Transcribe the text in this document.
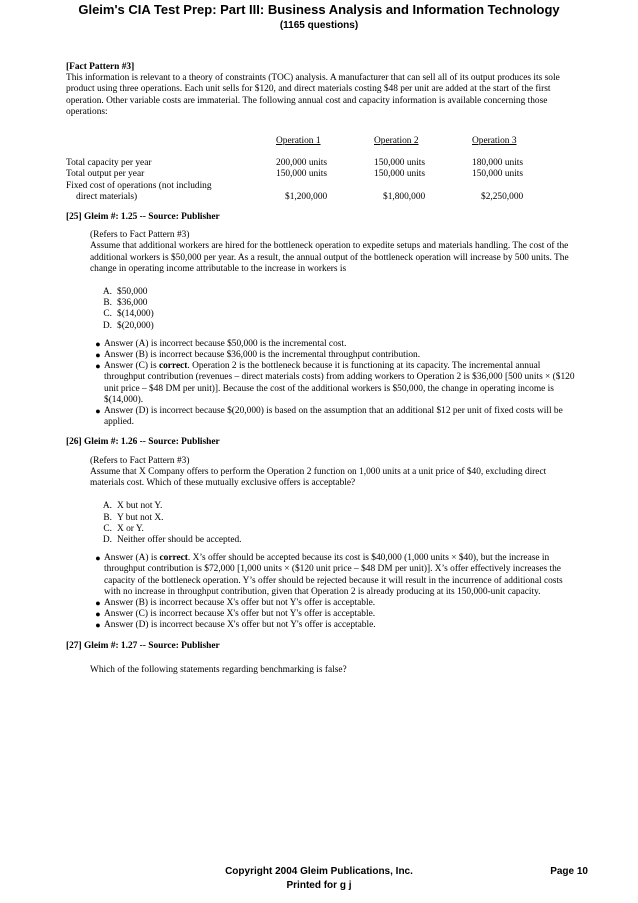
Gleim's CIA Test Prep: Part III: Business Analysis and Information Technology
(1165 questions)

[Fact Pattern #3]

This information is relevant to a theory of constraints (TOC) analysis. A manufacturer that can sell all of its output produces its sole product using three operations. Each unit sells for $120, and direct materials costing $48 per unit are added at the start of the first operation. Other variable costs are immaterial. The following annual cost and capacity information is available concerning those operations:

	Operation 1	Operation 2	Operation 3

Total capacity per year	200,000 units	150,000 units	180,000 units
Total output per year	150,000 units	150,000 units	150,000 units
Fixed cost of operations (not including			
direct materials)	$1,200,000	$1,800,000	$2,250,000

[25] Gleim #: 1.25 -- Source: Publisher

(Refers to Fact Pattern #3)

Assume that additional workers are hired for the bottleneck operation to expedite setups and materials handling. The cost of the additional workers is $50,000 per year. As a result, the annual output of the bottleneck operation will increase by 500 units. The change in operating income attributable to the increase in workers is

A. $50,000
B. $36,000
C. $(14,000)
D. $(20,000)
● Answer (A) is incorrect because $50,000 is the incremental cost.
● Answer (B) is incorrect because $36,000 is the incremental throughput contribution.
● Answer (C) is correct. Operation 2 is the bottleneck because it is functioning at its capacity. The incremental annual throughput contribution (revenues – direct materials costs) from adding workers to Operation 2 is $36,000 [500 units × ($120 unit price – $48 DM per unit)]. Because the cost of the additional workers is $50,000, the change in operating income is $(14,000).
● Answer (D) is incorrect because $(20,000) is based on the assumption that an additional $12 per unit of fixed costs will be applied.

[26] Gleim #: 1.26 -- Source: Publisher

(Refers to Fact Pattern #3)

Assume that X Company offers to perform the Operation 2 function on 1,000 units at a unit price of $40, excluding direct materials cost. Which of these mutually exclusive offers is acceptable?

A. X but not Y.
B. Y but not X.
C. X or Y.
D. Neither offer should be accepted.
● Answer (A) is correct. X’s offer should be accepted because its cost is $40,000 (1,000 units × $40), but the increase in throughput contribution is $72,000 [1,000 units × ($120 unit price – $48 DM per unit)]. X’s offer effectively increases the capacity of the bottleneck operation. Y’s offer should be rejected because it will result in the incurrence of additional costs with no increase in throughput contribution, given that Operation 2 is already producing at its 150,000-unit capacity.
● Answer (B) is incorrect because X's offer but not Y's offer is acceptable.
● Answer (C) is incorrect because X's offer but not Y's offer is acceptable.
● Answer (D) is incorrect because X's offer but not Y's offer is acceptable.

[27] Gleim #: 1.27 -- Source: Publisher

Which of the following statements regarding benchmarking is false?

Copyright 2004 Gleim Publications, Inc.	Page 10
Printed for g j
